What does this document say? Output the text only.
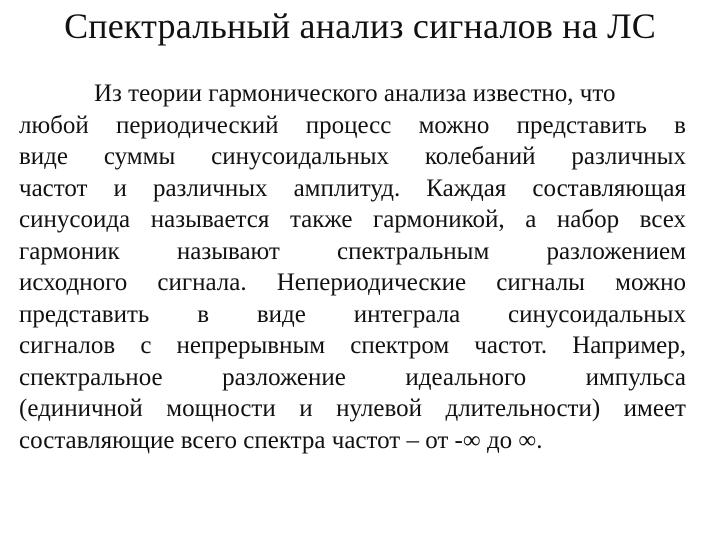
Спектральный анализ сигналов на ЛС
Из теории гармонического анализа известно, что
любой периодический процесс можно представить в
виде суммы синусоидальных колебаний различных
частот и различных амплитуд. Каждая составляющая
синусоида называется также гармоникой, а набор всех
гармоник называют спектральным разложением
исходного сигнала. Непериодические сигналы можно
представить в виде интеграла синусоидальных
сигналов с непрерывным спектром частот. Например,
спектральное разложение идеального импульса
(единичной мощности и нулевой длительности) имеет
составляющие всего спектра частот – от -∞ до ∞.
